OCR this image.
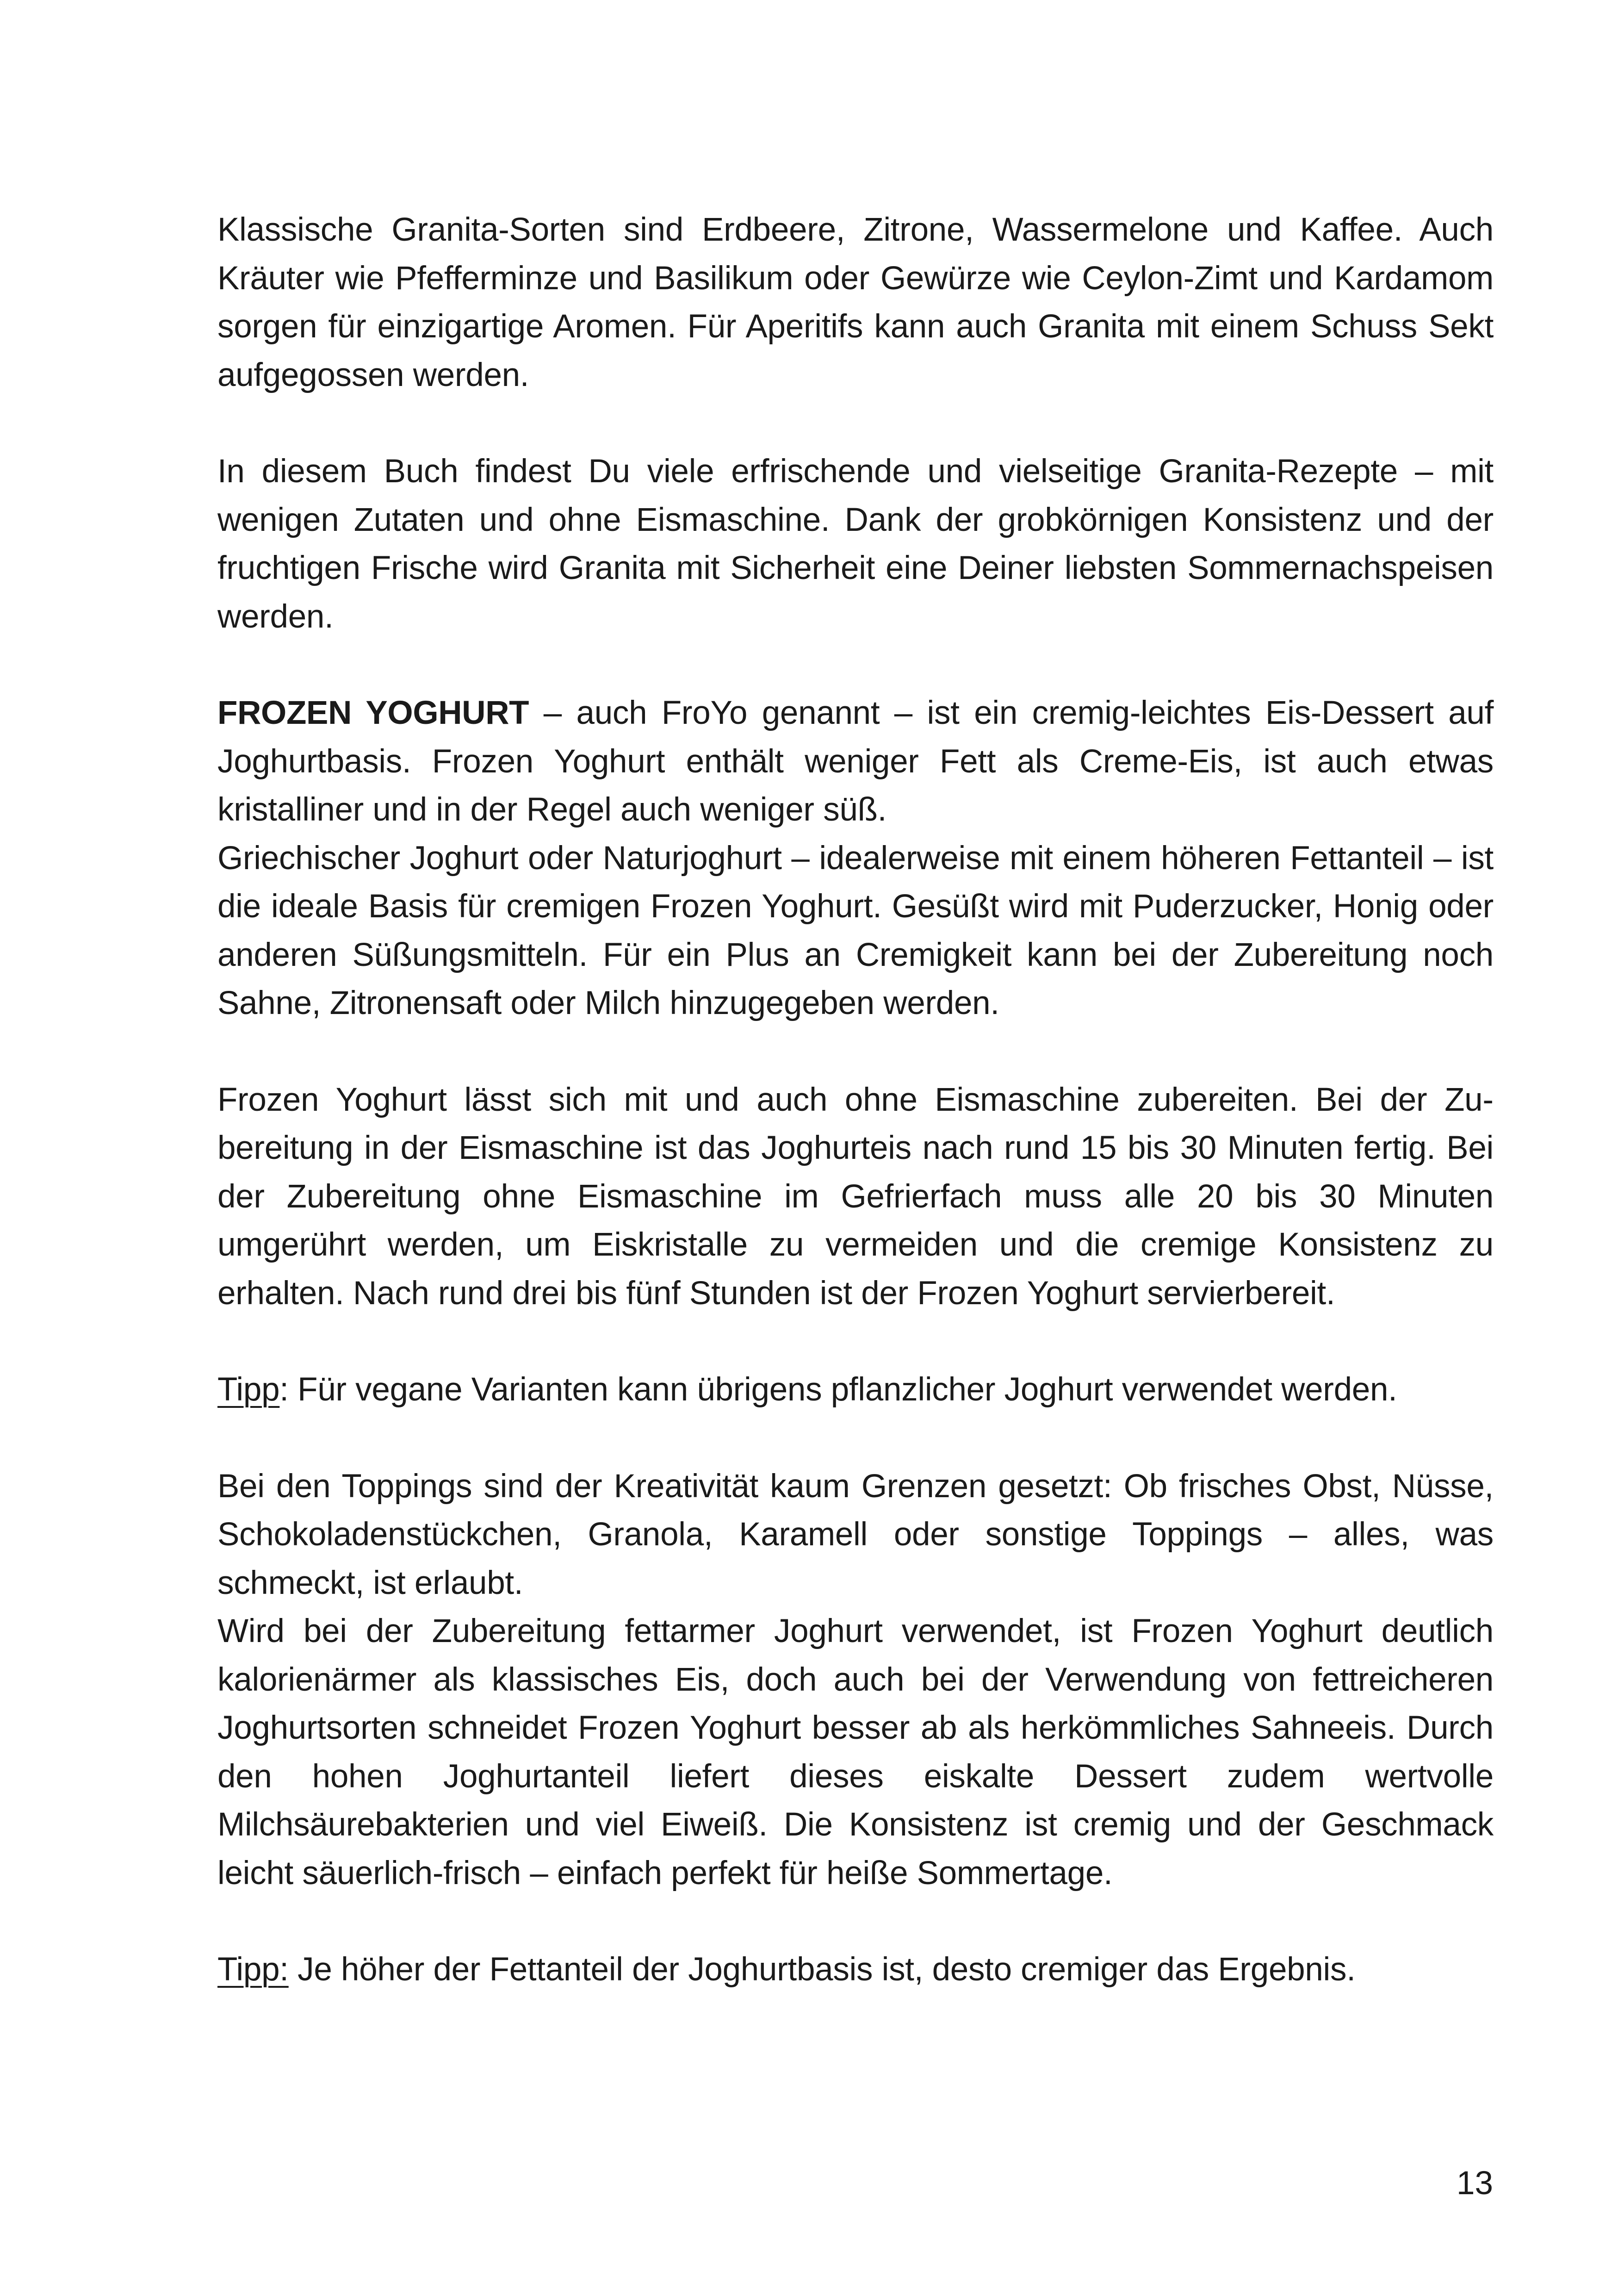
Klassische Granita-Sorten sind Erdbeere, Zitrone, Wassermelone und Kaffee. Auch Kräuter wie Pfefferminze und Basilikum oder Gewürze wie Ceylon-Zimt und Kardamom sorgen für einzigartige Aromen. Für Aperitifs kann auch Granita mit einem Schuss Sekt aufgegossen werden.

In diesem Buch findest Du viele erfrischende und vielseitige Granita-Rezepte – mit wenigen Zutaten und ohne Eismaschine. Dank der grobkörnigen Konsistenz und der fruchtigen Frische wird Granita mit Sicherheit eine Deiner liebsten Sommernachspeisen werden.

FROZEN YOGHURT – auch FroYo genannt – ist ein cremig-leichtes Eis-Dessert auf Joghurtbasis. Frozen Yoghurt enthält weniger Fett als Creme-Eis, ist auch etwas kristalliner und in der Regel auch weniger süß.

Griechischer Joghurt oder Naturjoghurt – idealerweise mit einem höheren Fettanteil – ist die ideale Basis für cremigen Frozen Yoghurt. Gesüßt wird mit Puderzucker, Honig oder anderen Süßungsmitteln. Für ein Plus an Cremigkeit kann bei der Zubereitung noch Sahne, Zitronensaft oder Milch hinzugegeben werden.

Frozen Yoghurt lässt sich mit und auch ohne Eismaschine zubereiten. Bei der Zubereitung in der Eismaschine ist das Joghurteis nach rund 15 bis 30 Minuten fertig. Bei der Zubereitung ohne Eismaschine im Gefrierfach muss alle 20 bis 30 Minuten umgerührt werden, um Eiskristalle zu vermeiden und die cremige Konsistenz zu erhalten. Nach rund drei bis fünf Stunden ist der Frozen Yoghurt servierbereit.

Tipp: Für vegane Varianten kann übrigens pflanzlicher Joghurt verwendet werden.

Bei den Toppings sind der Kreativität kaum Grenzen gesetzt: Ob frisches Obst, Nüsse, Schokoladenstückchen, Granola, Karamell oder sonstige Toppings – alles, was schmeckt, ist erlaubt.

Wird bei der Zubereitung fettarmer Joghurt verwendet, ist Frozen Yoghurt deutlich kalorienärmer als klassisches Eis, doch auch bei der Verwendung von fettreicheren Joghurtsorten schneidet Frozen Yoghurt besser ab als herkömmliches Sahneeis. Durch den hohen Joghurtanteil liefert dieses eiskalte Dessert zudem wertvolle Milchsäurebakterien und viel Eiweiß. Die Konsistenz ist cremig und der Geschmack leicht säuerlich-frisch – einfach perfekt für heiße Sommertage.

Tipp: Je höher der Fettanteil der Joghurtbasis ist, desto cremiger das Ergebnis.

13
